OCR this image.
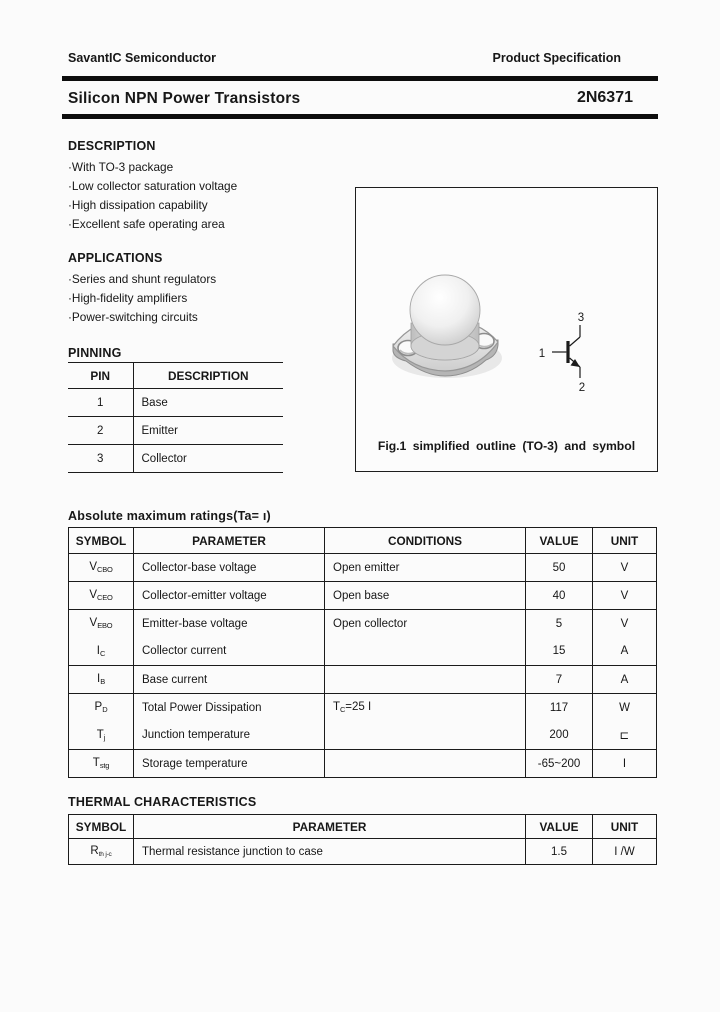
SavantIC Semiconductor	Product Specification
Silicon NPN Power Transistors	2N6371
DESCRIPTION
·With TO-3 package
·Low collector saturation voltage
·High dissipation capability
·Excellent safe operating area
APPLICATIONS
·Series and shunt regulators
·High-fidelity amplifiers
·Power-switching circuits
PINNING
PIN	DESCRIPTION
1	Base
2	Emitter
3	Collector
1
3
2
Fig.1 simplified outline (TO-3) and symbol
Absolute maximum ratings(Ta= ı)
SYMBOL	PARAMETER	CONDITIONS	VALUE	UNIT
$V_{CBO}$	Collector-base voltage	Open emitter	50	V
$V_{CEO}$	Collector-emitter voltage	Open base	40	V
$V_{EBO}$	Emitter-base voltage	Open collector	5	V
$I_C$	Collector current		15	A
$I_B$	Base current		7	A
$P_D$	Total Power Dissipation	$T_C=25$ I	117	W
$T_j$	Junction temperature		200	⊏
$T_{stg}$	Storage temperature		-65~200	I
THERMAL CHARACTERISTICS
SYMBOL	PARAMETER	VALUE	UNIT
$R_{th j-c}$	Thermal resistance junction to case	1.5	I /W
